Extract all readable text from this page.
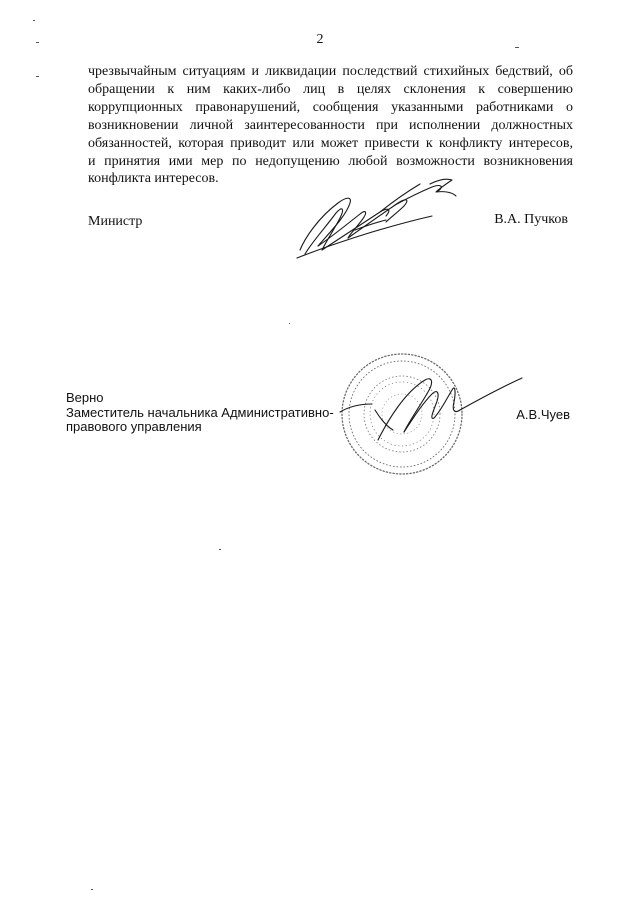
2
чрезвычайным ситуациям и ликвидации последствий стихийных бедствий, об
обращении к ним каких-либо лиц в целях склонения к совершению
коррупционных правонарушений, сообщения указанными работниками о
возникновении личной заинтересованности при исполнении должностных
обязанностей, которая приводит или может привести к конфликту интересов,
и принятия ими мер по недопущению любой возможности возникновения
конфликта интересов.
Министр	В.А. Пучков
Верно
Заместитель начальника Административно-
правового управления
А.В.Чуев
